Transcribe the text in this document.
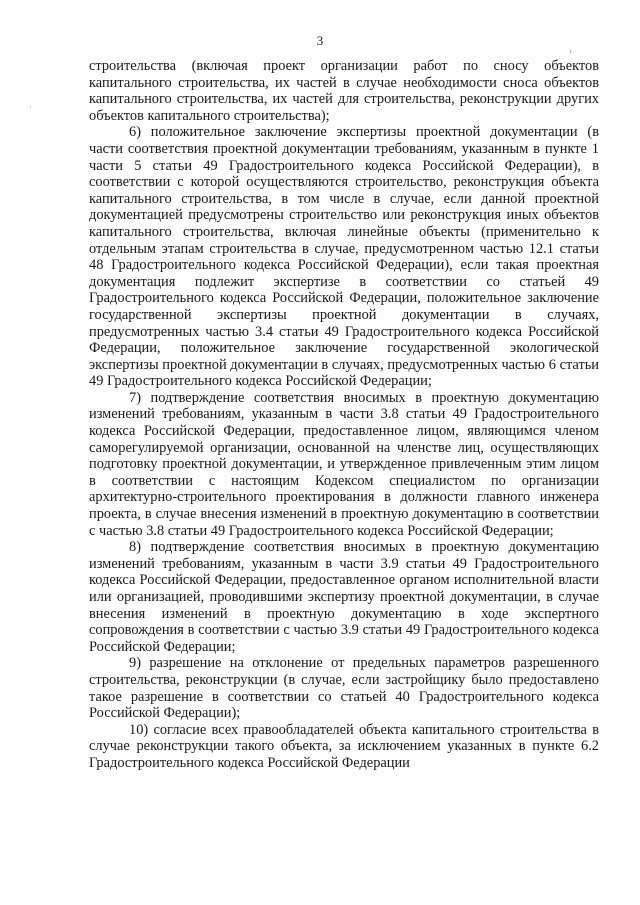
3
›
·

строительства (включая проект организации работ по сносу объектов капитального строительства, их частей в случае необходимости сноса объектов капитального строительства, их частей для строительства, реконструкции других объектов капитального строительства);

6) положительное заключение экспертизы проектной документации (в части соответствия проектной документации требованиям, указанным в пункте 1 части 5 статьи 49 Градостроительного кодекса Российской Федерации), в соответствии с которой осуществляются строительство, реконструкция объекта капитального строительства, в том числе в случае, если данной проектной документацией предусмотрены строительство или реконструкция иных объектов капитального строительства, включая линейные объекты (применительно к отдельным этапам строительства в случае, предусмотренном частью 12.1 статьи 48 Градостроительного кодекса Российской Федерации), если такая проектная документация подлежит экспертизе в соответствии со статьей 49 Градостроительного кодекса Российской Федерации, положительное заключение государственной экспертизы проектной документации в случаях, предусмотренных частью 3.4 статьи 49 Градостроительного кодекса Российской Федерации, положительное заключение государственной экологической экспертизы проектной документации в случаях, предусмотренных частью 6 статьи 49 Градостроительного кодекса Российской Федерации;

7) подтверждение соответствия вносимых в проектную документацию изменений требованиям, указанным в части 3.8 статьи 49 Градостроительного кодекса Российской Федерации, предоставленное лицом, являющимся членом саморегулируемой организации, основанной на членстве лиц, осуществляющих подготовку проектной документации, и утвержденное привлеченным этим лицом в соответствии с настоящим Кодексом специалистом по организации архитектурно-строительного проектирования в должности главного инженера проекта, в случае внесения изменений в проектную документацию в соответствии с частью 3.8 статьи 49 Градостроительного кодекса Российской Федерации;

8) подтверждение соответствия вносимых в проектную документацию изменений требованиям, указанным в части 3.9 статьи 49 Градостроительного кодекса Российской Федерации, предоставленное органом исполнительной власти или организацией, проводившими экспертизу проектной документации, в случае внесения изменений в проектную документацию в ходе экспертного сопровождения в соответствии с частью 3.9 статьи 49 Градостроительного кодекса Российской Федерации;

9) разрешение на отклонение от предельных параметров разрешенного строительства, реконструкции (в случае, если застройщику было предоставлено такое разрешение в соответствии со статьей 40 Градостроительного кодекса Российской Федерации);

10) согласие всех правообладателей объекта капитального строительства в случае реконструкции такого объекта, за исключением указанных в пункте 6.2 Градостроительного кодекса Российской Федерации
